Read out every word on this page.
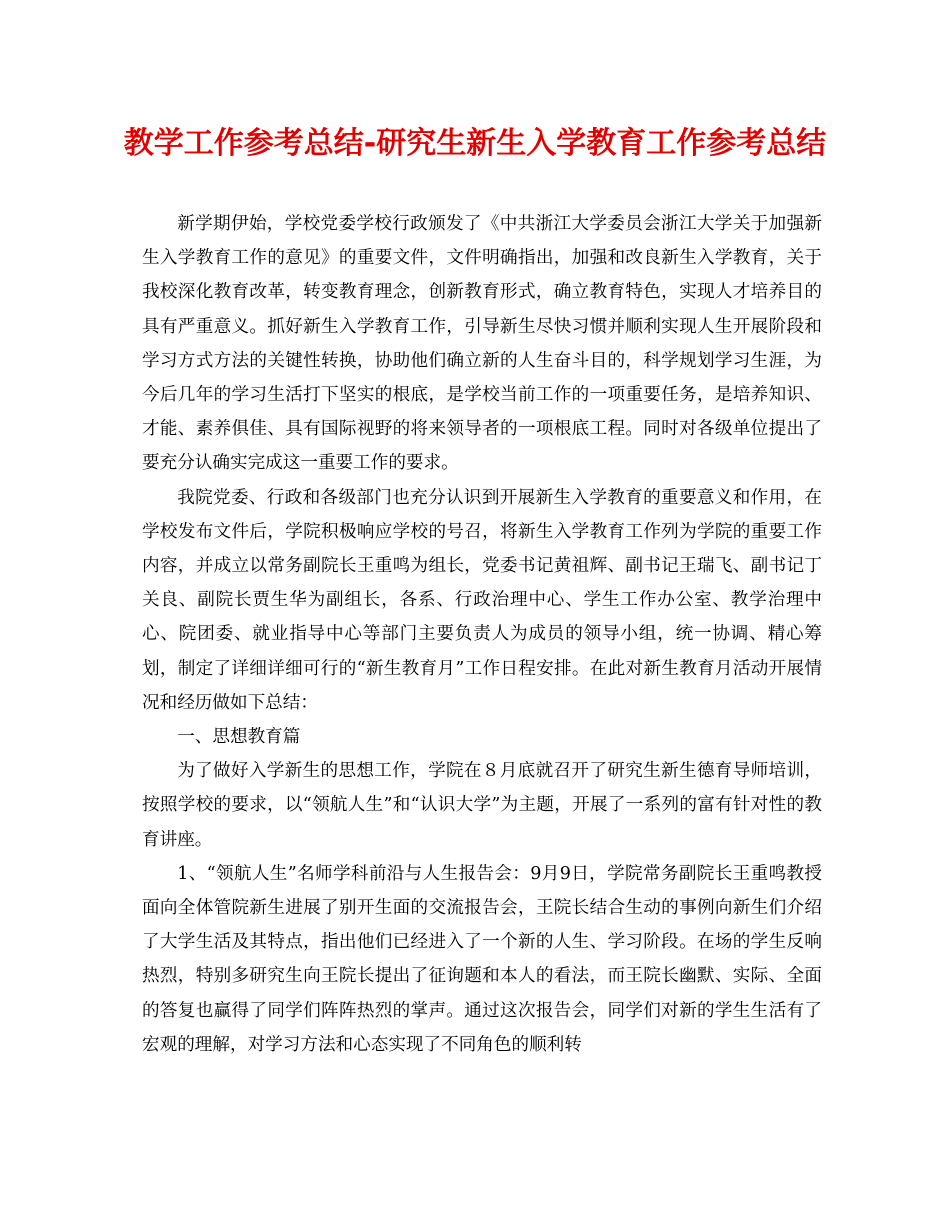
教学工作参考总结-研究生新生入学教育工作参考总结

新学期伊始，学校党委学校行政颁发了《中共浙江大学委员会浙江大学关于加强新生入学教育工作的意见》的重要文件，文件明确指出，加强和改良新生入学教育，关于我校深化教育改革，转变教育理念，创新教育形式，确立教育特色，实现人才培养目的具有严重意义。抓好新生入学教育工作，引导新生尽快习惯并顺利实现人生开展阶段和学习方式方法的关键性转换，协助他们确立新的人生奋斗目的，科学规划学习生涯，为今后几年的学习生活打下坚实的根底，是学校当前工作的一项重要任务，是培养知识、才能、素养俱佳、具有国际视野的将来领导者的一项根底工程。同时对各级单位提出了要充分认确实完成这一重要工作的要求。

我院党委、行政和各级部门也充分认识到开展新生入学教育的重要意义和作用，在学校发布文件后，学院积极响应学校的号召，将新生入学教育工作列为学院的重要工作内容，并成立以常务副院长王重鸣为组长，党委书记黄祖辉、副书记王瑞飞、副书记丁关良、副院长贾生华为副组长，各系、行政治理中心、学生工作办公室、教学治理中心、院团委、就业指导中心等部门主要负责人为成员的领导小组，统一协调、精心筹划，制定了详细详细可行的“新生教育月”工作日程安排。在此对新生教育月活动开展情况和经历做如下总结：

一、思想教育篇

为了做好入学新生的思想工作，学院在８月底就召开了研究生新生德育导师培训，按照学校的要求，以“领航人生”和“认识大学”为主题，开展了一系列的富有针对性的教育讲座。

1、“领航人生”名师学科前沿与人生报告会：9月9日，学院常务副院长王重鸣教授面向全体管院新生进展了别开生面的交流报告会，王院长结合生动的事例向新生们介绍了大学生活及其特点，指出他们已经进入了一个新的人生、学习阶段。在场的学生反响热烈，特别多研究生向王院长提出了征询题和本人的看法，而王院长幽默、实际、全面的答复也赢得了同学们阵阵热烈的掌声。通过这次报告会，同学们对新的学生生活有了宏观的理解，对学习方法和心态实现了不同角色的顺利转
